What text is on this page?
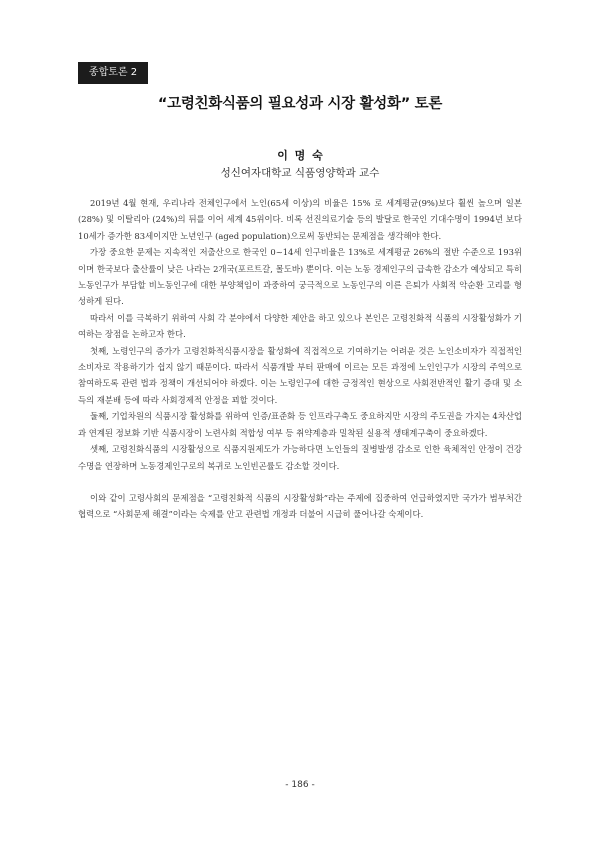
종합토론 2
“고령친화식품의 필요성과 시장 활성화” 토론
이 명 숙
성신여자대학교 식품영양학과 교수

2019년 4월 현재, 우리나라 전체인구에서 노인(65세 이상)의 비율은 15% 로 세계평균(9%)보다 훨씬 높으며 일본(28%) 및 이탈리아 (24%)의 뒤를 이어 세계 45위이다. 비록 선진의료기술 등의 발달로 한국인 기대수명이 1994년 보다 10세가 증가한 83세이지만 노년인구 (aged population)으로써 동반되는 문제점을 생각해야 한다.

가장 중요한 문제는 지속적인 저출산으로 한국인 0~14세 인구비율은 13%로 세계평균 26%의 절반 수준으로 193위이며 한국보다 출산률이 낮은 나라는 2개국(포르트갈, 몰도바) 뿐이다. 이는 노동 경제인구의 급속한 감소가 예상되고 특히 노동인구가 부담할 비노동인구에 대한 부양책임이 과중하여 궁극적으로 노동인구의 이른 은퇴가 사회적 악순환 고리를 형성하게 된다.

따라서 이를 극복하기 위하여 사회 각 분야에서 다양한 제안을 하고 있으나 본인은 고령친화적 식품의 시장활성화가 기여하는 장점을 논하고자 한다.

첫째, 노령인구의 증가가 고령친화적식품시장을 활성화에 직접적으로 기여하기는 어려운 것은 노인소비자가 직접적인 소비자로 작용하기가 쉽지 않기 때문이다. 따라서 식품개발 부터 판매에 이르는 모든 과정에 노인인구가 시장의 주역으로 참여하도록 관련 법과 정책이 개선되어야 하겠다. 이는 노령인구에 대한 긍정적인 현상으로 사회전반적인 활기 증대 및 소득의 재분배 등에 따라 사회경제적 안정을 꾀할 것이다.

둘째, 기업차원의 식품시장 활성화를 위하여 인증/표준화 등 인프라구축도 중요하지만 시장의 주도권을 가지는 4차산업과 연계된 정보화 기반 식품시장이 노련사회 적합성 여부 등 취약계층과 밀착된 실용적 생태계구축이 중요하겠다.

셋째, 고령친화식품의 시장활성으로 식품지원제도가 가능하다면 노인들의 질병발생 감소로 인한 육체적인 안정이 건강수명을 연장하며 노동경제인구로의 복귀로 노인빈곤률도 감소할 것이다.

이와 같이 고령사회의 문제점을 “고령친화적 식품의 시장활성화”라는 주제에 집중하여 언급하였지만 국가가 범부처간 협력으로 “사회문제 해결”이라는 숙제를 안고 관련법 개정과 더불어 시급히 풀어나갈 숙제이다.

- 186 -
